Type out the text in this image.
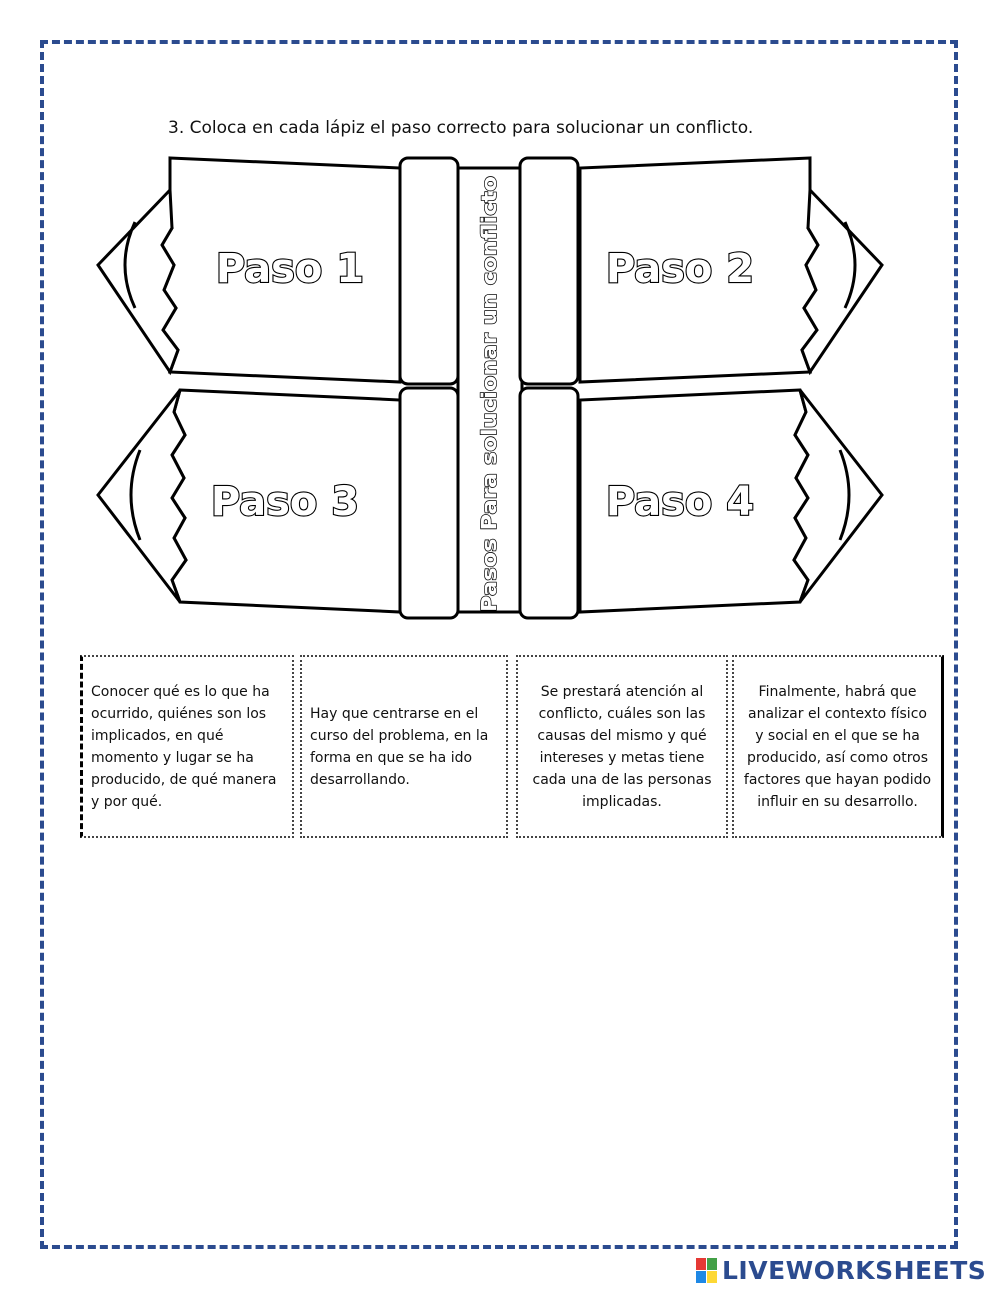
3. Coloca en cada lápiz el paso correcto para solucionar un conflicto.
Paso 1	Paso 2
Paso 3	Paso 4
Pasos Para solucionar un conflicto

Conocer qué es lo que ha ocurrido, quiénes son los implicados, en qué momento y lugar se ha producido, de qué manera y por qué.

Hay que centrarse en el curso del problema, en la forma en que se ha ido desarrollando.

Se prestará atención al conflicto, cuáles son las causas del mismo y qué intereses y metas tiene cada una de las personas implicadas.

Finalmente, habrá que analizar el contexto físico y social en el que se ha producido, así como otros factores que hayan podido influir en su desarrollo.

LIVEWORKSHEETS
